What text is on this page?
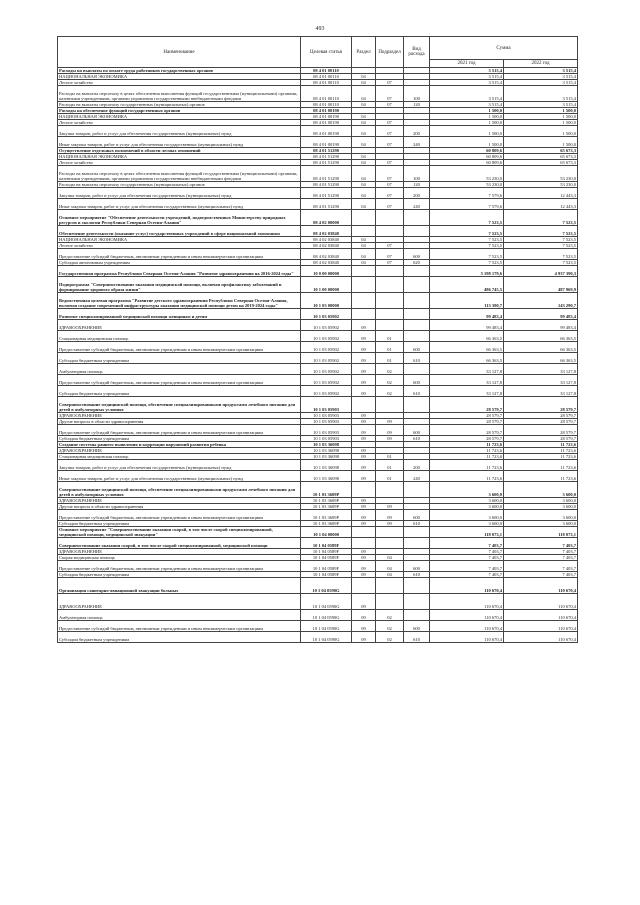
493
Наименование	Целевая статья	Раздел	Подраздел	Вид расхода	Сумма	
					2021 год	2022 год
Расходы на выплаты по оплате труда работников государственных органов	08 4 01 00110				3 515,4	3 515,4
НАЦИОНАЛЬНАЯ ЭКОНОМИКА	08 4 01 00110	04			3 515,4	3 515,4
Лесное хозяйство	08 4 01 00110	04	07		3 515,4	3 515,4
Расходы на выплаты персоналу в целях обеспечения выполнения функций государственными (муниципальными) органами, казенными учреждениями, органами управления государственными внебюджетными фондами	08 4 01 00110	04	07	100	3 515,4	3 515,4
Расходы на выплаты персоналу государственных (муниципальных) органов	08 4 01 00110	04	07	120	3 515,4	3 515,4
Расходы на обеспечение функций государственных органов	08 4 01 00190				1 500,0	1 500,0
НАЦИОНАЛЬНАЯ ЭКОНОМИКА	08 4 01 00190	04			1 500,0	1 500,0
Лесное хозяйство	08 4 01 00190	04	07		1 500,0	1 500,0
Закупка товаров, работ и услуг для обеспечения государственных (муниципальных) нужд	08 4 01 00190	04	07	200	1 500,0	1 500,0
Иные закупки товаров, работ и услуг для обеспечения государственных (муниципальных) нужд	08 4 01 00190	04	07	240	1 500,0	1 500,0
Осуществление отдельных полномочий в области лесных отношений	08 4 01 51290				60 809,6	65 673,3
НАЦИОНАЛЬНАЯ ЭКОНОМИКА	08 4 01 51290	04			60 809,6	65 673,3
Лесное хозяйство	08 4 01 51290	04	07		60 809,6	65 673,3
Расходы на выплаты персоналу в целях обеспечения выполнения функций государственными (муниципальными) органами, казенными учреждениями, органами управления государственными внебюджетными фондами	08 4 01 51290	04	07	100	53 230,0	53 230,0
Расходы на выплаты персоналу государственных (муниципальных) органов	08 4 01 51290	04	07	120	53 230,0	53 230,0
Закупка товаров, работ и услуг для обеспечения государственных (муниципальных) нужд	08 4 01 51290	04	07	200	7 579,6	12 443,3
Иные закупки товаров, работ и услуг для обеспечения государственных (муниципальных) нужд	08 4 01 51290	04	07	240	7 579,6	12 443,3
Основное мероприятие "Обеспечение деятельности учреждений, подведомственных Министерству природных ресурсов и экологии Республики Северная Осетия-Алания"	08 4 02 00000				7 523,5	7 523,5
Обеспечение деятельности (оказание услуг) государственных учреждений в сфере национальной экономики	08 4 02 03840				7 523,5	7 523,5
НАЦИОНАЛЬНАЯ ЭКОНОМИКА	08 4 02 03840	04			7 523,5	7 523,5
Лесное хозяйство	08 4 02 03840	04	07		7 523,5	7 523,5
Предоставление субсидий бюджетным, автономным учреждениям и иным некоммерческим организациям	08 4 02 03840	04	07	600	7 523,5	7 523,5
Субсидии автономным учреждениям	08 4 02 03840	04	07	620	7 523,5	7 523,5
Государственная программа Республики Северная Осетия-Алания "Развитие здравоохранения на 2016-2024 годы"	10 0 00 00000				5 198 179,6	4 937 390,3
Подпрограмма "Совершенствование оказания медицинской помощи, включая профилактику заболеваний и формирование здорового образа жизни"	10 1 00 00000				486 745,5	487 969,9
Ведомственная целевая программа "Развитие детского здравоохранения Республики Северная Осетия-Алания, включая создание современной инфраструктуры оказания медицинской помощи детям на 2019-2024 годы"	10 1 03 00000				113 390,7	143 290,7
Развитие специализированной медицинской помощи женщинам и детям	10 1 03 05902				99 483,4	99 483,4
ЗДРАВООХРАНЕНИЕ	10 1 03 05902	09			99 483,4	99 483,4
Стационарная медицинская помощь	10 1 03 05902	09	01		66 363,5	66 363,5
Предоставление субсидий бюджетным, автономным учреждениям и иным некоммерческим организациям	10 1 03 05902	09	01	600	66 363,5	66 363,5
Субсидии бюджетным учреждениям	10 1 03 05902	09	01	610	66 363,5	66 363,5
Амбулаторная помощь	10 1 03 05902	09	02		33 127,8	33 127,8
Предоставление субсидий бюджетным, автономным учреждениям и иным некоммерческим организациям	10 1 03 05902	09	02	600	33 127,8	33 127,8
Субсидии бюджетным учреждениям	10 1 03 05902	09	02	610	33 127,8	33 127,8
Совершенствование медицинской помощи, обеспечение специализированными продуктами лечебного питания для детей в амбулаторных условиях	10 1 03 05903				28 579,7	28 579,7
ЗДРАВООХРАНЕНИЕ	10 1 03 05903	09			28 579,7	28 579,7
Другие вопросы в области здравоохранения	10 1 03 05903	09	09		28 579,7	28 579,7
Предоставление субсидий бюджетным, автономным учреждениям и иным некоммерческим организациям	10 1 03 05903	09	09	600	28 579,7	28 579,7
Субсидии бюджетным учреждениям	10 1 03 05903	09	09	610	28 579,7	28 579,7
Создание системы раннего выявления и коррекции нарушений развития ребенка	10 1 03 36098				11 723,6	11 723,6
ЗДРАВООХРАНЕНИЕ	10 1 03 36098	09			11 723,6	11 723,6
Стационарная медицинская помощь	10 1 03 36098	09	01		11 723,6	11 723,6
Закупка товаров, работ и услуг для обеспечения государственных (муниципальных) нужд	10 1 03 36098	09	01	200	11 723,6	11 723,6
Иные закупки товаров, работ и услуг для обеспечения государственных (муниципальных) нужд	10 1 03 36098	09	01	240	11 723,6	11 723,6
Совершенствование медицинской помощи, обеспечение специализированными продуктами лечебного питания для детей в амбулаторных условиях	10 1 03 3609Р				3 600,0	3 600,0
ЗДРАВООХРАНЕНИЕ	10 1 03 3609Р	09			3 600,0	3 600,0
Другие вопросы в области здравоохранения	10 1 03 3609Р	09	09		3 600,0	3 600,0
Предоставление субсидий бюджетным, автономным учреждениям и иным некоммерческим организациям	10 1 03 3609Р	09	09	600	3 600,0	3 600,0
Субсидии бюджетным учреждениям	10 1 03 3609Р	09	09	610	3 600,0	3 600,0
Основное мероприятие "Совершенствование оказания скорой, в том числе скорой специализированной, медицинской помощи, медицинской эвакуации"	10 1 04 00000				118 073,1	118 073,1
Совершенствование оказания скорой, в том числе скорой специализированной, медицинской помощи	10 1 04 0589F				7 403,7	7 403,7
ЗДРАВООХРАНЕНИЕ	10 1 04 0589F	09			7 403,7	7 403,7
Скорая медицинская помощь	10 1 04 0589F	09	04		7 403,7	7 403,7
Предоставление субсидий бюджетным, автономным учреждениям и иным некоммерческим организациям	10 1 04 0589F	09	04	600	7 403,7	7 403,7
Субсидии бюджетным учреждениям	10 1 04 0589F	09	04	610	7 403,7	7 403,7
Организация санитарно-авиационной эвакуации больных	10 1 04 0590G				110 670,4	110 670,4
ЗДРАВООХРАНЕНИЕ	10 1 04 0590G	09			110 670,4	110 670,4
Амбулаторная помощь	10 1 04 0590G	09	02		110 670,4	110 670,4
Предоставление субсидий бюджетным, автономным учреждениям и иным некоммерческим организациям	10 1 04 0590G	09	02	600	110 670,4	110 670,4
Субсидии бюджетным учреждениям	10 1 04 0590G	09	02	610	110 670,4	110 670,4
